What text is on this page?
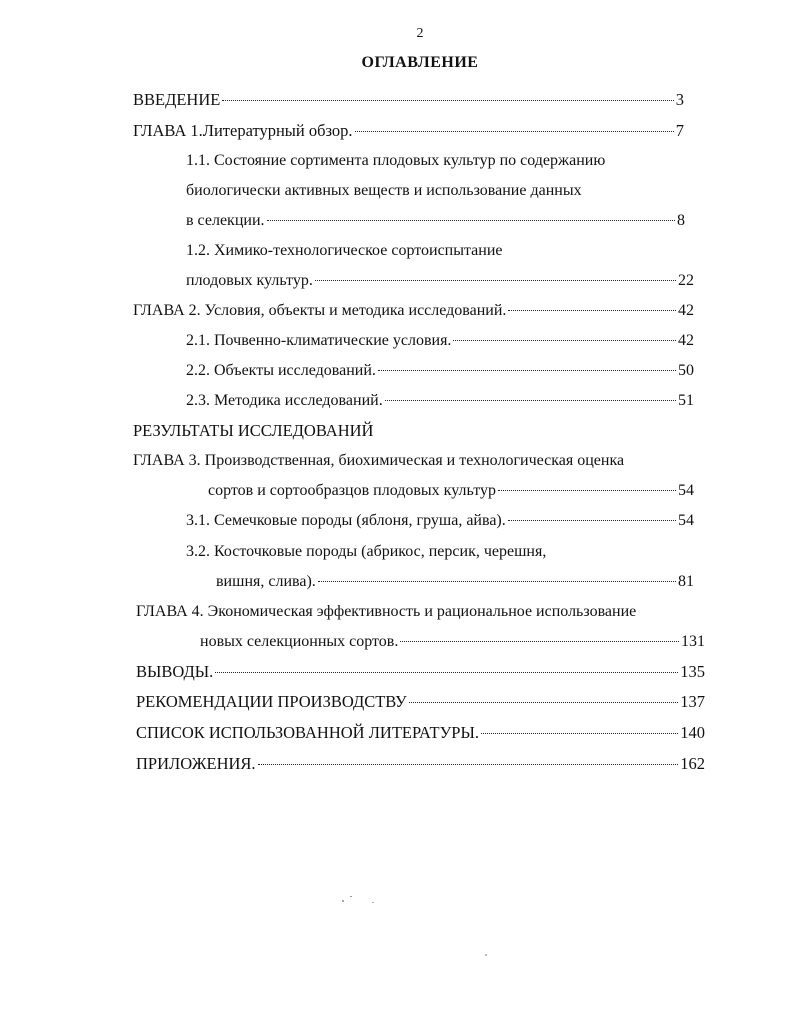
2
ОГЛАВЛЕНИЕ
ВВЕДЕНИЕ	3
ГЛАВА 1.Литературный обзор.	7
1.1. Состояние сортимента плодовых культур по содержанию
биологически активных веществ и использование данных
в селекции.	8
1.2. Химико-технологическое сортоиспытание
плодовых культур.	22
ГЛАВА 2. Условия, объекты и методика исследований.	42
2.1. Почвенно-климатические условия.	42
2.2. Объекты исследований.	50
2.3. Методика исследований.	51
РЕЗУЛЬТАТЫ ИССЛЕДОВАНИЙ
ГЛАВА 3. Производственная, биохимическая и технологическая оценка
сортов и сортообразцов плодовых культур	54
3.1. Семечковые породы (яблоня, груша, айва).	54
3.2. Косточковые породы (абрикос, персик, черешня,
вишня, слива).	81
ГЛАВА 4. Экономическая эффективность и рациональное использование
новых селекционных сортов.	131
ВЫВОДЫ.	135
РЕКОМЕНДАЦИИ ПРОИЗВОДСТВУ	137
СПИСОК ИСПОЛЬЗОВАННОЙ ЛИТЕРАТУРЫ.	140
ПРИЛОЖЕНИЯ.	162
